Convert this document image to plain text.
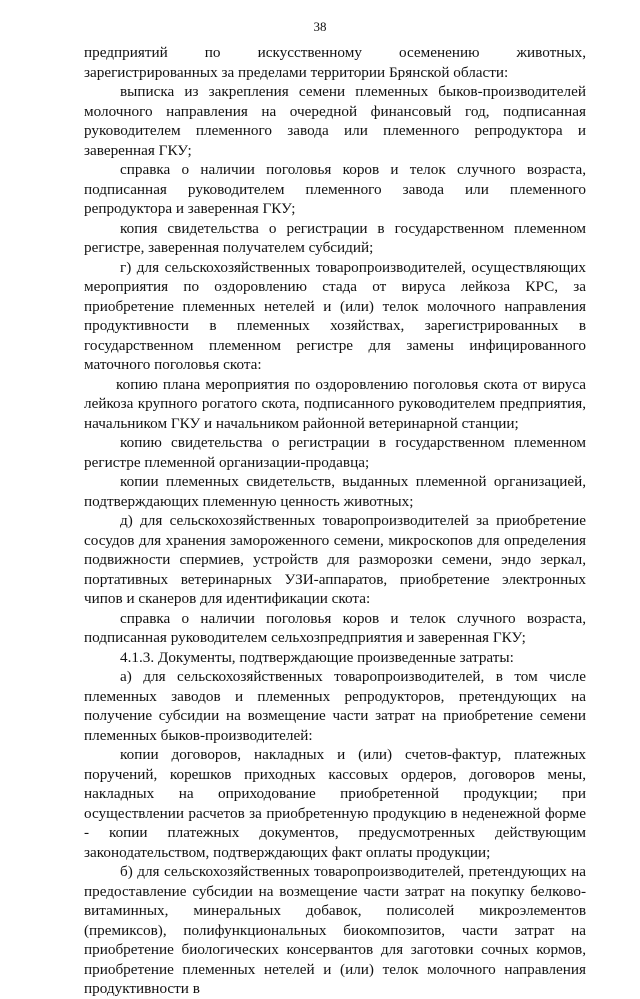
38

предприятий по искусственному осеменению животных, зарегистрированных за пределами территории Брянской области:

выписка из закрепления семени племенных быков-производителей молочного направления на очередной финансовый год, подписанная руководителем племенного завода или племенного репродуктора и заверенная ГКУ;

справка о наличии поголовья коров и телок случного возраста, подписанная руководителем племенного завода или племенного репродуктора и заверенная ГКУ;

копия свидетельства о регистрации в государственном племенном регистре, заверенная получателем субсидий;

г) для сельскохозяйственных товаропроизводителей, осуществляющих мероприятия по оздоровлению стада от вируса лейкоза КРС, за приобретение племенных нетелей и (или) телок молочного направления продуктивности в племенных хозяйствах, зарегистрированных в государственном племенном регистре для замены инфицированного маточного поголовья скота:

копию плана мероприятия по оздоровлению поголовья скота от вируса лейкоза крупного рогатого скота, подписанного руководителем предприятия, начальником ГКУ и начальником районной ветеринарной станции;

копию свидетельства о регистрации в государственном племенном регистре племенной организации-продавца;

копии племенных свидетельств, выданных племенной организацией, подтверждающих племенную ценность животных;

д) для сельскохозяйственных товаропроизводителей за приобретение сосудов для хранения замороженного семени, микроскопов для определения подвижности спермиев, устройств для разморозки семени, эндо зеркал, портативных ветеринарных УЗИ-аппаратов, приобретение электронных чипов и сканеров для идентификации скота:

справка о наличии поголовья коров и телок случного возраста, подписанная руководителем сельхозпредприятия и заверенная ГКУ;

4.1.3. Документы, подтверждающие произведенные затраты:

а) для сельскохозяйственных товаропроизводителей, в том числе племенных заводов и племенных репродукторов, претендующих на получение субсидии на возмещение части затрат на приобретение семени племенных быков-производителей:

копии договоров, накладных и (или) счетов-фактур, платежных поручений, корешков приходных кассовых ордеров, договоров мены, накладных на оприходование приобретенной продукции; при осуществлении расчетов за приобретенную продукцию в неденежной форме - копии платежных документов, предусмотренных действующим законодательством, подтверждающих факт оплаты продукции;

б) для сельскохозяйственных товаропроизводителей, претендующих на предоставление субсидии на возмещение части затрат на покупку белково-витаминных, минеральных добавок, полисолей микроэлементов (премиксов), полифункциональных биокомпозитов, части затрат на приобретение биологических консервантов для заготовки сочных кормов, приобретение племенных нетелей и (или) телок молочного направления продуктивности в
